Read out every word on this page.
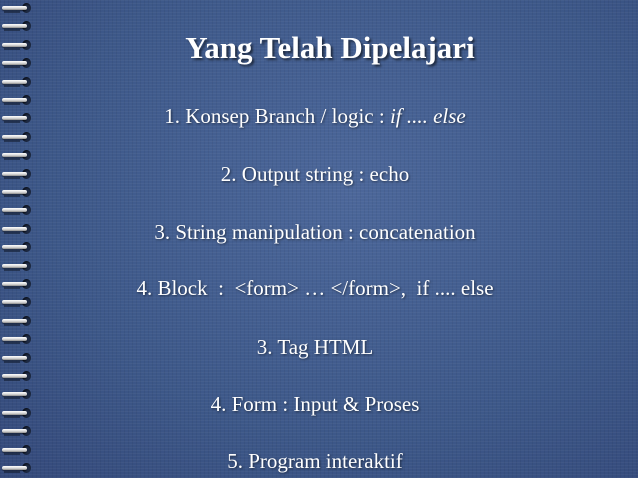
Yang Telah Dipelajari
1. Konsep Branch / logic : if .... else
2. Output string : echo
3. String manipulation : concatenation
4. Block  :  <form> … </form>,  if .... else
3. Tag HTML
4. Form : Input & Proses
5. Program interaktif
